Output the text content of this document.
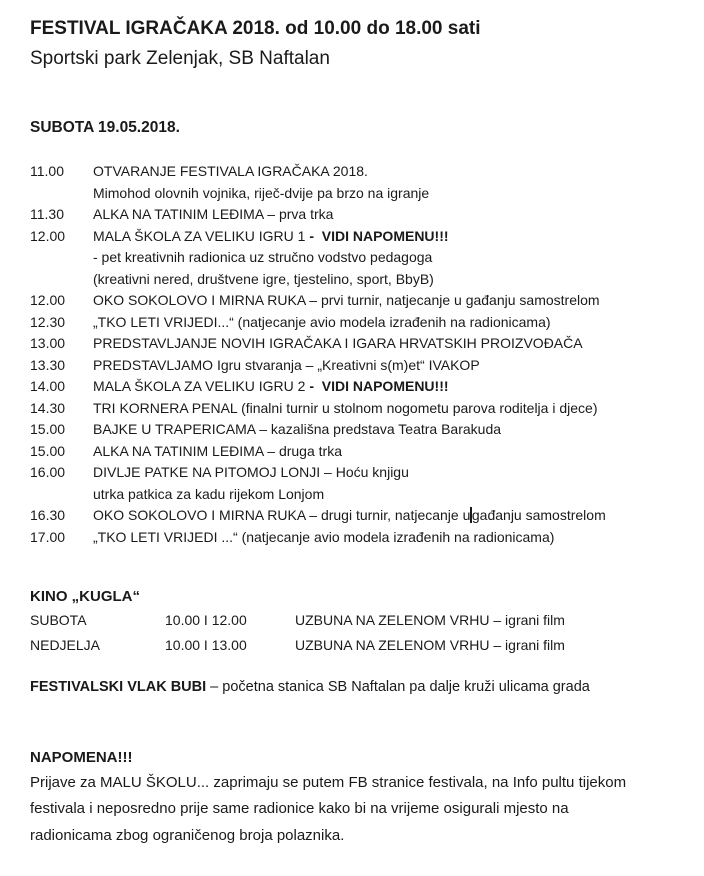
FESTIVAL IGRAČAKA 2018. od 10.00 do 18.00 sati
Sportski park Zelenjak, SB Naftalan
SUBOTA 19.05.2018.
11.00	OTVARANJE FESTIVALA IGRAČAKA 2018.
Mimohod olovnih vojnika, riječ-dvije pa brzo na igranje
11.30	ALKA NA TATINIM LEĐIMA – prva trka
12.00	MALA ŠKOLA ZA VELIKU IGRU 1 -  VIDI NAPOMENU!!!
- pet kreativnih radionica uz stručno vodstvo pedagoga
(kreativni nered, društvene igre, tjestelino, sport, BbyB)
12.00	OKO SOKOLOVO I MIRNA RUKA – prvi turnir, natjecanje u gađanju samostrelom
12.30	„TKO LETI VRIJEDI...“ (natjecanje avio modela izrađenih na radionicama)
13.00	PREDSTAVLJANJE NOVIH IGRAČAKA I IGARA HRVATSKIH PROIZVOĐAČA
13.30	PREDSTAVLJAMO Igru stvaranja – „Kreativni s(m)et“ IVAKOP
14.00	MALA ŠKOLA ZA VELIKU IGRU 2 -  VIDI NAPOMENU!!!
14.30	TRI KORNERA PENAL (finalni turnir u stolnom nogometu parova roditelja i djece)
15.00	BAJKE U TRAPERICAMA – kazališna predstava Teatra Barakuda
15.00	ALKA NA TATINIM LEĐIMA – druga trka
16.00	DIVLJE PATKE NA PITOMOJ LONJI – Hoću knjigu
utrka patkica za kadu rijekom Lonjom
16.30	OKO SOKOLOVO I MIRNA RUKA – drugi turnir, natjecanje u gađanju samostrelom
17.00	„TKO LETI VRIJEDI ...“ (natjecanje avio modela izrađenih na radionicama)
KINO „KUGLA“
SUBOTA	10.00 I 12.00	UZBUNA NA ZELENOM VRHU – igrani film
NEDJELJA	10.00 I 13.00	UZBUNA NA ZELENOM VRHU – igrani film
FESTIVALSKI VLAK BUBI – početna stanica SB Naftalan pa dalje kruži ulicama grada
NAPOMENA!!!
Prijave za MALU ŠKOLU... zaprimaju se putem FB stranice festivala, na Info pultu tijekom
festivala i neposredno prije same radionice kako bi na vrijeme osigurali mjesto na
radionicama zbog ograničenog broja polaznika.
